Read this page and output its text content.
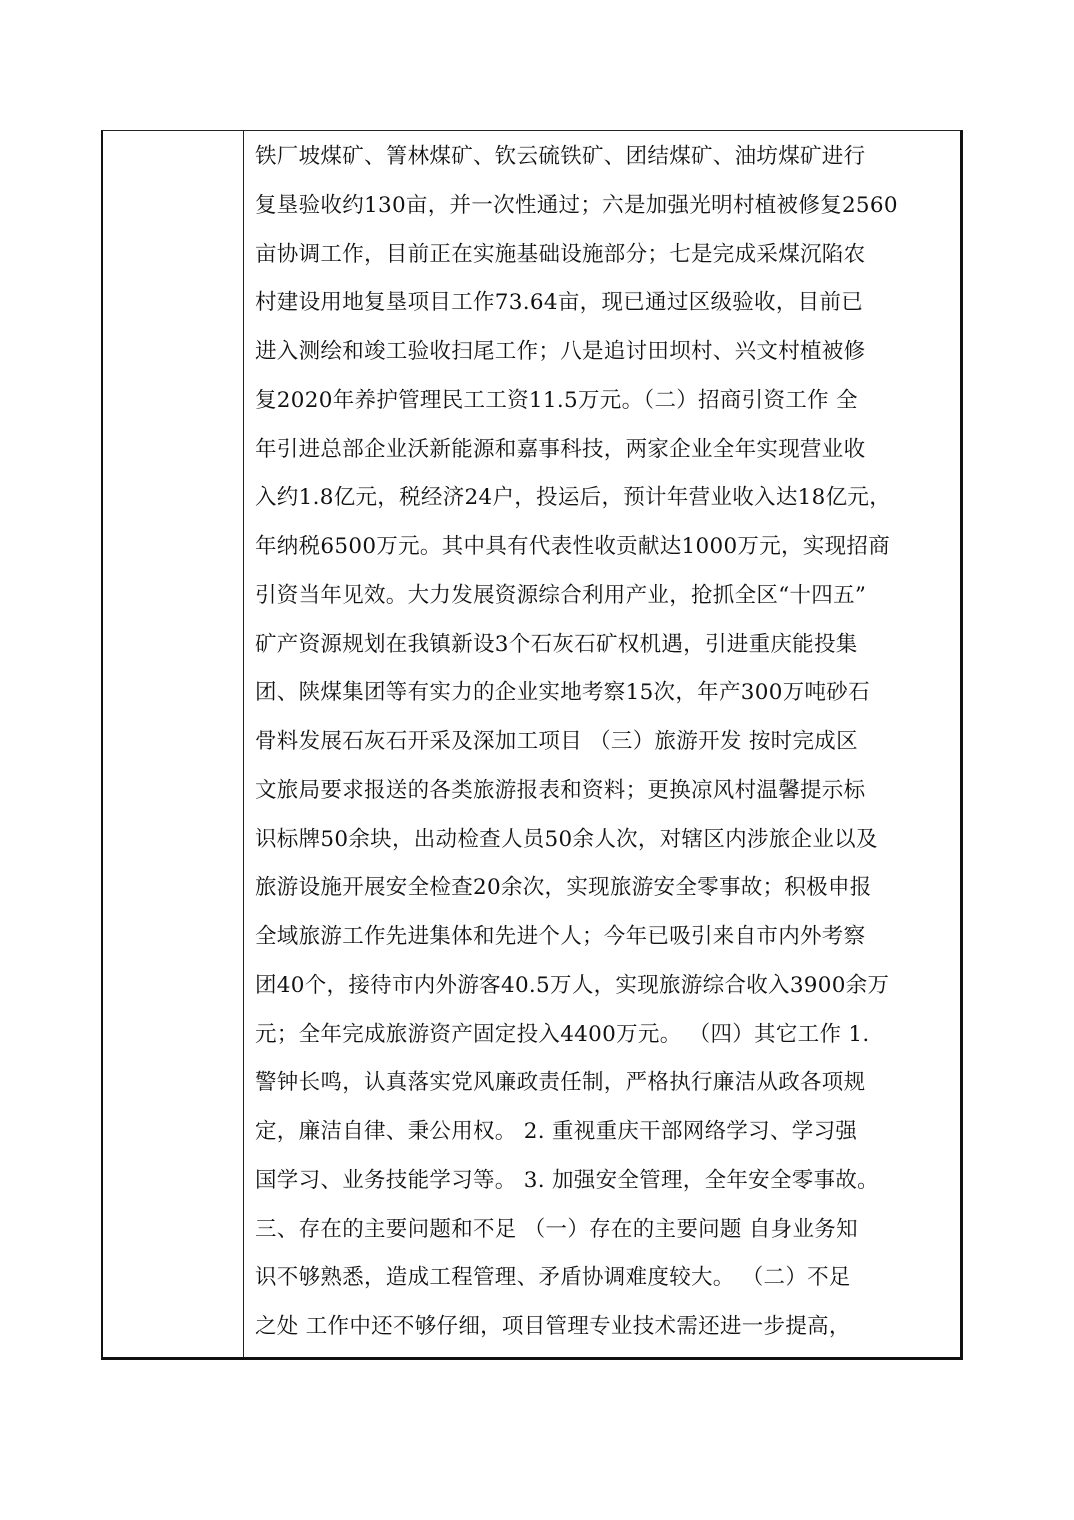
铁厂坡煤矿、箐林煤矿、钦云硫铁矿、团结煤矿、油坊煤矿进行
复垦验收约130亩，并一次性通过；六是加强光明村植被修复2560
亩协调工作，目前正在实施基础设施部分；七是完成采煤沉陷农
村建设用地复垦项目工作73.64亩，现已通过区级验收，目前已
进入测绘和竣工验收扫尾工作；八是追讨田坝村、兴文村植被修
复2020年养护管理民工工资11.5万元。（二）招商引资工作 全
年引进总部企业沃新能源和嘉事科技，两家企业全年实现营业收
入约1.8亿元，税经济24户，投运后，预计年营业收入达18亿元，
年纳税6500万元。其中具有代表性收贡献达1000万元，实现招商
引资当年见效。大力发展资源综合利用产业，抢抓全区“十四五”
矿产资源规划在我镇新设3个石灰石矿权机遇，引进重庆能投集
团、陕煤集团等有实力的企业实地考察15次，年产300万吨砂石
骨料发展石灰石开采及深加工项目 （三）旅游开发 按时完成区
文旅局要求报送的各类旅游报表和资料；更换凉风村温馨提示标
识标牌50余块，出动检查人员50余人次，对辖区内涉旅企业以及
旅游设施开展安全检查20余次，实现旅游安全零事故；积极申报
全域旅游工作先进集体和先进个人；今年已吸引来自市内外考察
团40个，接待市内外游客40.5万人，实现旅游综合收入3900余万
元；全年完成旅游资产固定投入4400万元。 （四）其它工作 1.
警钟长鸣，认真落实党风廉政责任制，严格执行廉洁从政各项规
定，廉洁自律、秉公用权。 2. 重视重庆干部网络学习、学习强
国学习、业务技能学习等。 3. 加强安全管理，全年安全零事故。
三、存在的主要问题和不足 （一）存在的主要问题 自身业务知
识不够熟悉，造成工程管理、矛盾协调难度较大。 （二）不足
之处 工作中还不够仔细，项目管理专业技术需还进一步提高，
